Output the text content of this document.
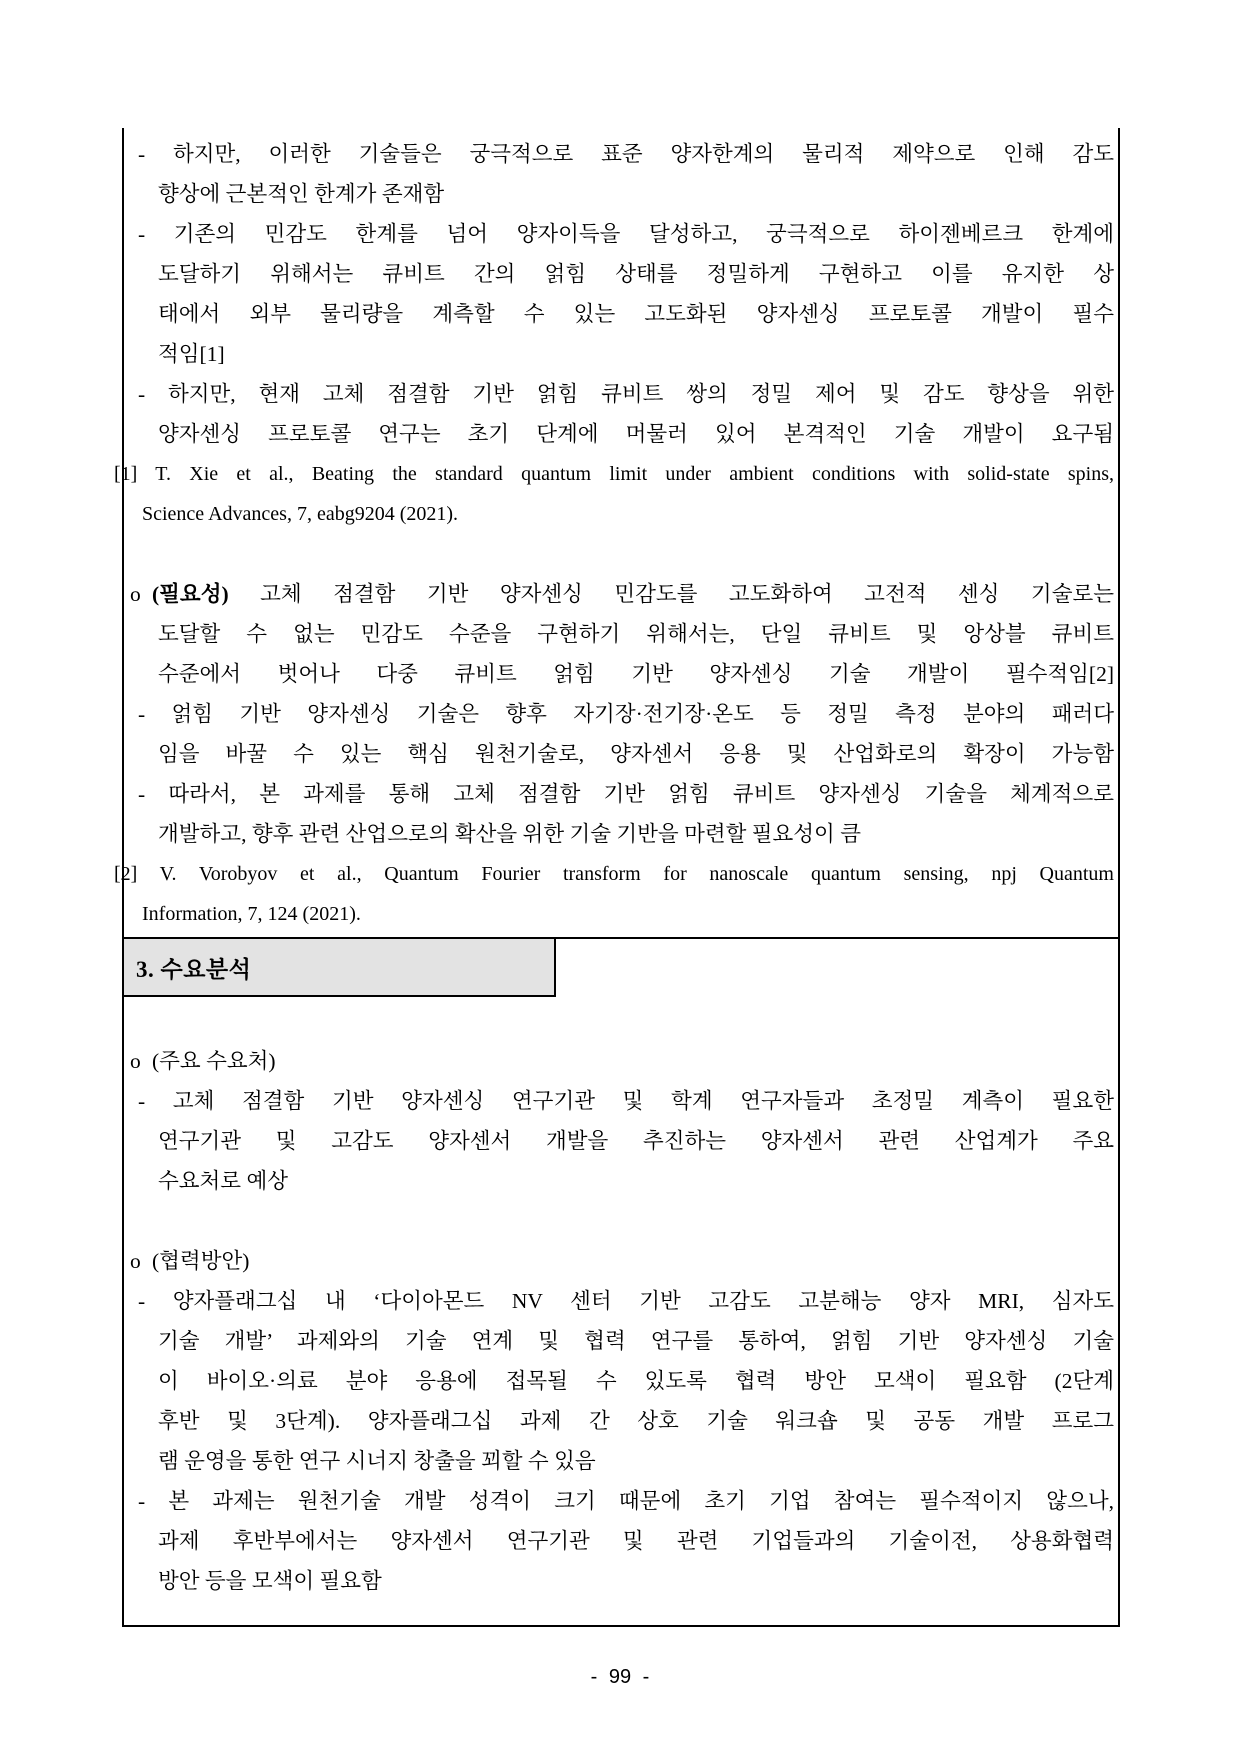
- 하지만, 이러한 기술들은 궁극적으로 표준 양자한계의 물리적 제약으로 인해 감도
향상에 근본적인 한계가 존재함
- 기존의 민감도 한계를 넘어 양자이득을 달성하고, 궁극적으로 하이젠베르크 한계에
도달하기 위해서는 큐비트 간의 얽힘 상태를 정밀하게 구현하고 이를 유지한 상
태에서 외부 물리량을 계측할 수 있는 고도화된 양자센싱 프로토콜 개발이 필수
적임[1]
- 하지만, 현재 고체 점결함 기반 얽힘 큐비트 쌍의 정밀 제어 및 감도 향상을 위한
양자센싱 프로토콜 연구는 초기 단계에 머물러 있어 본격적인 기술 개발이 요구됨
[1] T. Xie et al., Beating the standard quantum limit under ambient conditions with solid-state spins,
Science Advances, 7, eabg9204 (2021).
o (필요성) 고체 점결함 기반 양자센싱 민감도를 고도화하여 고전적 센싱 기술로는
도달할 수 없는 민감도 수준을 구현하기 위해서는, 단일 큐비트 및 앙상블 큐비트
수준에서 벗어나 다중 큐비트 얽힘 기반 양자센싱 기술 개발이 필수적임[2]
- 얽힘 기반 양자센싱 기술은 향후 자기장·전기장·온도 등 정밀 측정 분야의 패러다
임을 바꿀 수 있는 핵심 원천기술로, 양자센서 응용 및 산업화로의 확장이 가능함
- 따라서, 본 과제를 통해 고체 점결함 기반 얽힘 큐비트 양자센싱 기술을 체계적으로
개발하고, 향후 관련 산업으로의 확산을 위한 기술 기반을 마련할 필요성이 큼
[2] V. Vorobyov et al., Quantum Fourier transform for nanoscale quantum sensing, npj Quantum
Information, 7, 124 (2021).
3. 수요분석
o (주요 수요처)
- 고체 점결함 기반 양자센싱 연구기관 및 학계 연구자들과 초정밀 계측이 필요한
연구기관 및 고감도 양자센서 개발을 추진하는 양자센서 관련 산업계가 주요
수요처로 예상
o (협력방안)
- 양자플래그십 내 ‘다이아몬드 NV 센터 기반 고감도 고분해능 양자 MRI, 심자도
기술 개발’ 과제와의 기술 연계 및 협력 연구를 통하여, 얽힘 기반 양자센싱 기술
이 바이오·의료 분야 응용에 접목될 수 있도록 협력 방안 모색이 필요함 (2단계
후반 및 3단계). 양자플래그십 과제 간 상호 기술 워크숍 및 공동 개발 프로그
램 운영을 통한 연구 시너지 창출을 꾀할 수 있음
- 본 과제는 원천기술 개발 성격이 크기 때문에 초기 기업 참여는 필수적이지 않으나,
과제 후반부에서는 양자센서 연구기관 및 관련 기업들과의 기술이전, 상용화협력
방안 등을 모색이 필요함
- 99 -
